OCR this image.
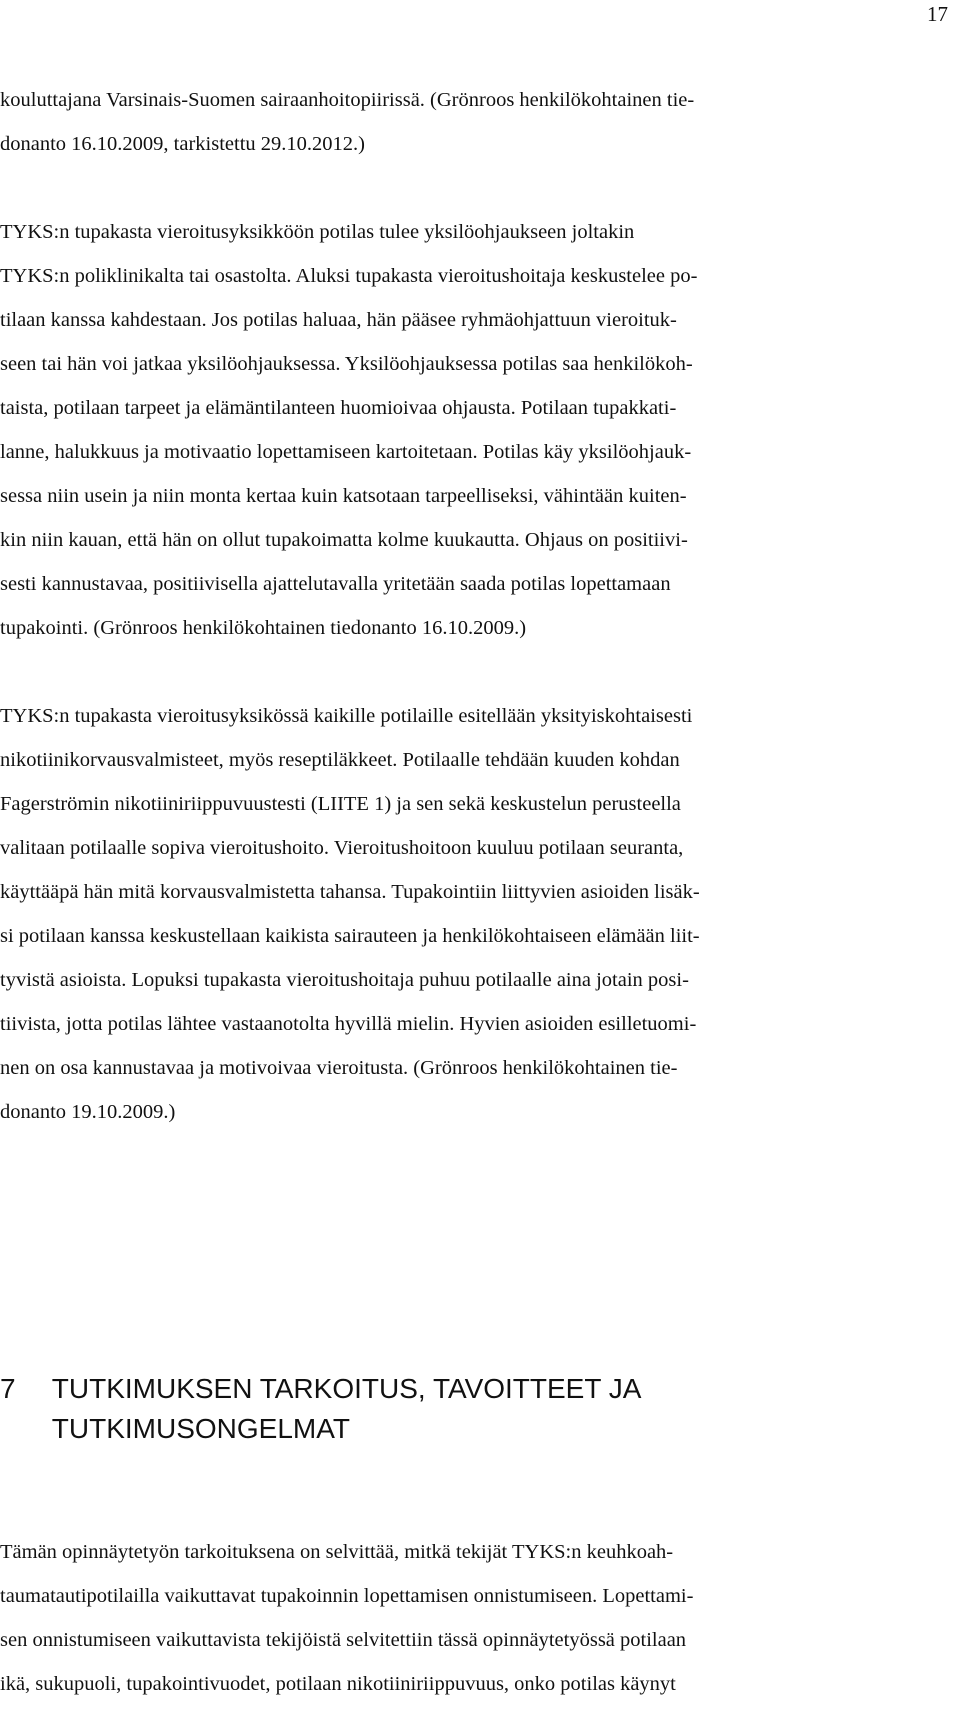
17
kouluttajana Varsinais-Suomen sairaanhoitopiirissä. (Grönroos henkilökohtainen tie-
donanto 16.10.2009, tarkistettu 29.10.2012.)
TYKS:n tupakasta vieroitusyksikköön potilas tulee yksilöohjaukseen joltakin
TYKS:n poliklinikalta tai osastolta. Aluksi tupakasta vieroitushoitaja keskustelee po-
tilaan kanssa kahdestaan. Jos potilas haluaa, hän pääsee ryhmäohjattuun vieroituk-
seen tai hän voi jatkaa yksilöohjauksessa. Yksilöohjauksessa potilas saa henkilökoh-
taista, potilaan tarpeet ja elämäntilanteen huomioivaa ohjausta. Potilaan tupakkati-
lanne, halukkuus ja motivaatio lopettamiseen kartoitetaan. Potilas käy yksilöohjauk-
sessa niin usein ja niin monta kertaa kuin katsotaan tarpeelliseksi, vähintään kuiten-
kin niin kauan, että hän on ollut tupakoimatta kolme kuukautta. Ohjaus on positiivi-
sesti kannustavaa, positiivisella ajattelutavalla yritetään saada potilas lopettamaan
tupakointi. (Grönroos henkilökohtainen tiedonanto 16.10.2009.)
TYKS:n tupakasta vieroitusyksikössä kaikille potilaille esitellään yksityiskohtaisesti
nikotiinikorvausvalmisteet, myös reseptiläkkeet. Potilaalle tehdään kuuden kohdan
Fagerströmin nikotiiniriippuvuustesti (LIITE 1) ja sen sekä keskustelun perusteella
valitaan potilaalle sopiva vieroitushoito. Vieroitushoitoon kuuluu potilaan seuranta,
käyttääpä hän mitä korvausvalmistetta tahansa. Tupakointiin liittyvien asioiden lisäk-
si potilaan kanssa keskustellaan kaikista sairauteen ja henkilökohtaiseen elämään liit-
tyvistä asioista. Lopuksi tupakasta vieroitushoitaja puhuu potilaalle aina jotain posi-
tiivista, jotta potilas lähtee vastaanotolta hyvillä mielin. Hyvien asioiden esilletuomi-
nen on osa kannustavaa ja motivoivaa vieroitusta. (Grönroos henkilökohtainen tie-
donanto 19.10.2009.)
7 TUTKIMUKSEN TARKOITUS, TAVOITTEET JA
TUTKIMUSONGELMAT
Tämän opinnäytetyön tarkoituksena on selvittää, mitkä tekijät TYKS:n keuhkoah-
taumatautipotilailla vaikuttavat tupakoinnin lopettamisen onnistumiseen. Lopettami-
sen onnistumiseen vaikuttavista tekijöistä selvitettiin tässä opinnäytetyössä potilaan
ikä, sukupuoli, tupakointivuodet, potilaan nikotiiniriippuvuus, onko potilas käynyt
